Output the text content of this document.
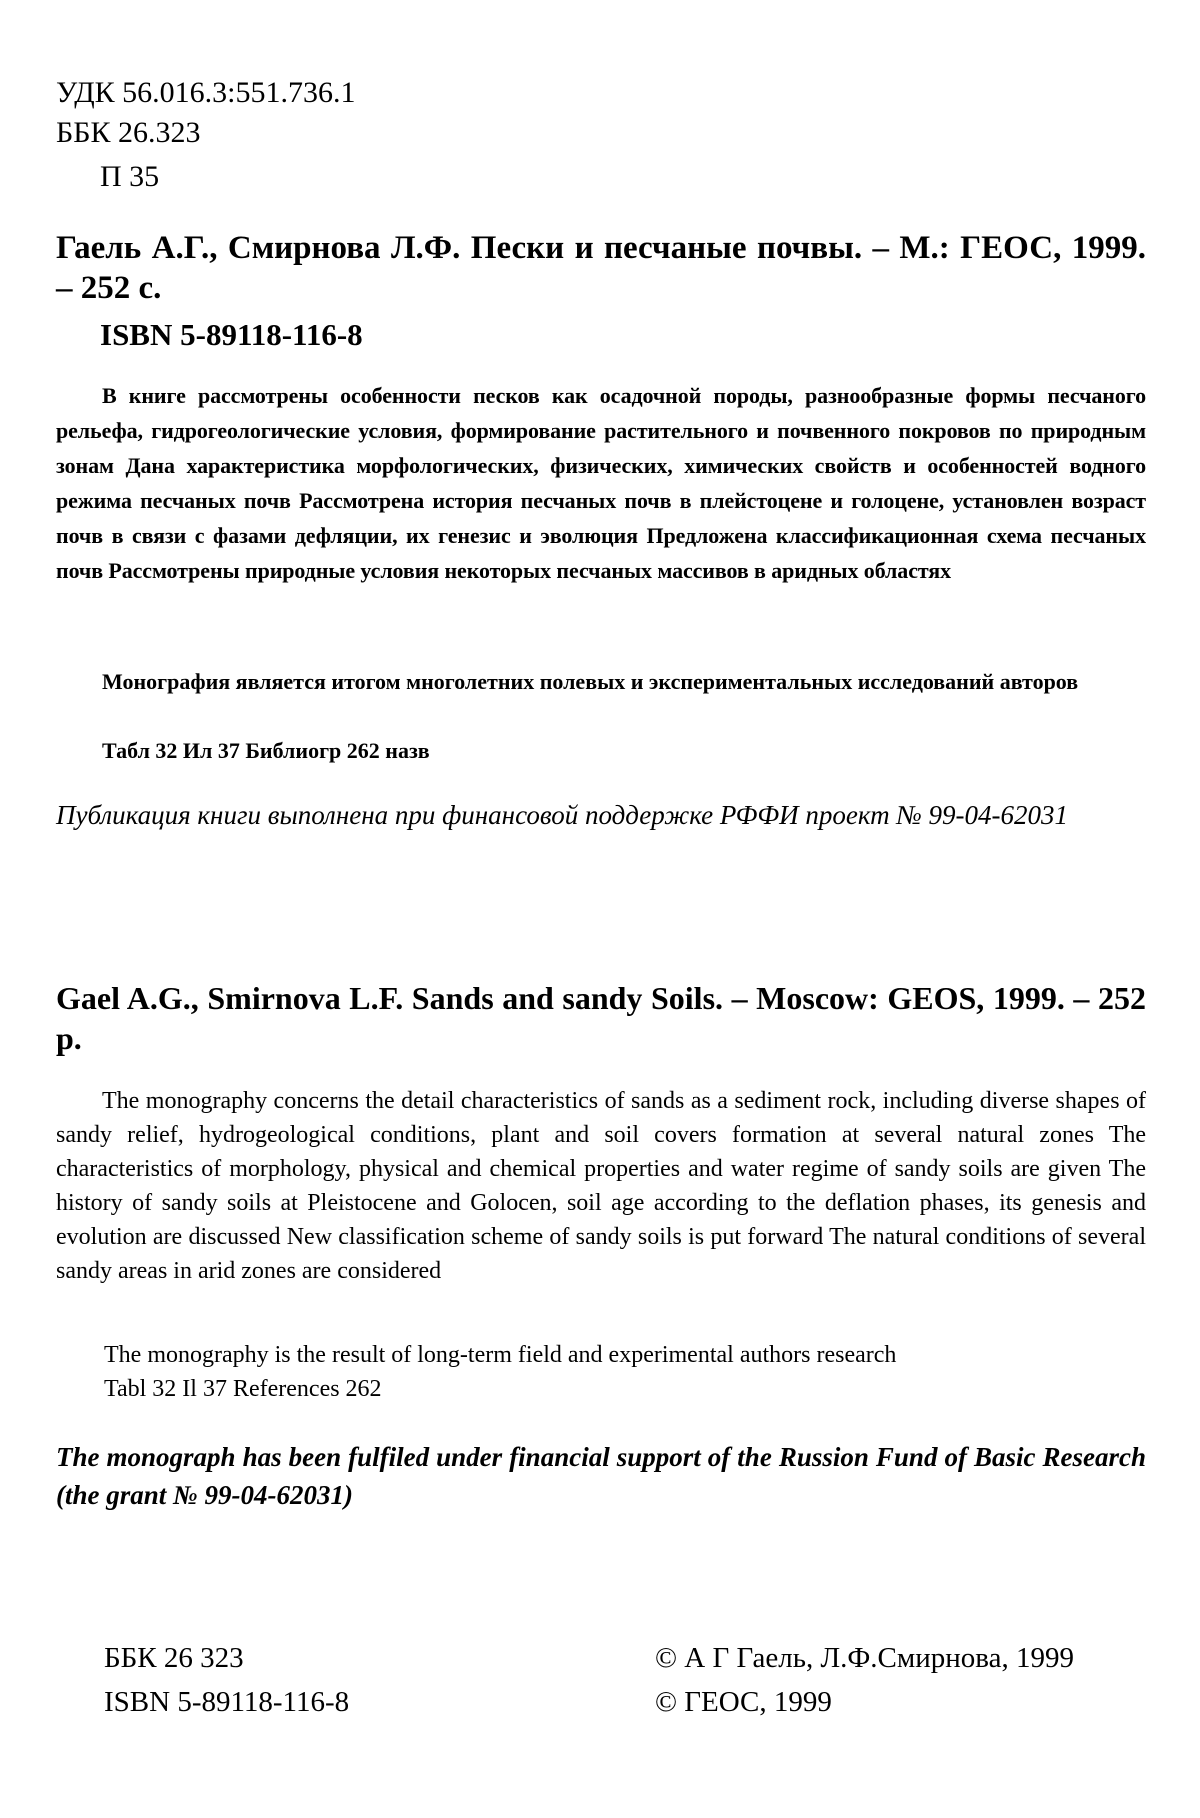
УДК 56.016.3:551.736.1
ББК 26.323
П 35
Гаель А.Г., Смирнова Л.Ф. Пески и песчаные почвы. – М.: ГЕОС, 1999. – 252 с.
ISBN 5-89118-116-8

В книге рассмотрены особенности песков как осадочной породы, разнообразные формы песчаного рельефа, гидрогеологические условия, формирование растительного и почвенного покровов по природным зонам Дана характеристика морфологических, физических, химических свойств и особенностей водного режима песчаных почв Рассмотрена история песчаных почв в плейстоцене и голоцене, установлен возраст почв в связи с фазами дефляции, их генезис и эволюция Предложена классификационная схема песчаных почв Рассмотрены природные условия некоторых песчаных массивов в аридных областях

Монография является итогом многолетних полевых и экспериментальных исследований авторов

Табл 32 Ил 37 Библиогр 262 назв
Публикация книги выполнена при финансовой поддержке РФФИ проект № 99-04-62031
Gael A.G., Smirnova L.F. Sands and sandy Soils. – Moscow: GEOS, 1999. – 252 p.

The monography concerns the detail characteristics of sands as a sediment rock, including diverse shapes of sandy relief, hydrogeological conditions, plant and soil covers formation at several natural zones The characteristics of morphology, physical and chemical properties and water regime of sandy soils are given The history of sandy soils at Pleistocene and Golocen, soil age according to the deflation phases, its genesis and evolution are discussed New classification scheme of sandy soils is put forward The natural conditions of several sandy areas in arid zones are considered

The monography is the result of long-term field and experimental authors research
Tabl 32 Il 37 References 262
The monograph has been fulfiled under financial support of the Russion Fund of Basic Research (the grant № 99-04-62031)
ББК 26 323
ISBN 5-89118-116-8
© А Г Гаель, Л.Ф.Смирнова, 1999
© ГЕОС, 1999
